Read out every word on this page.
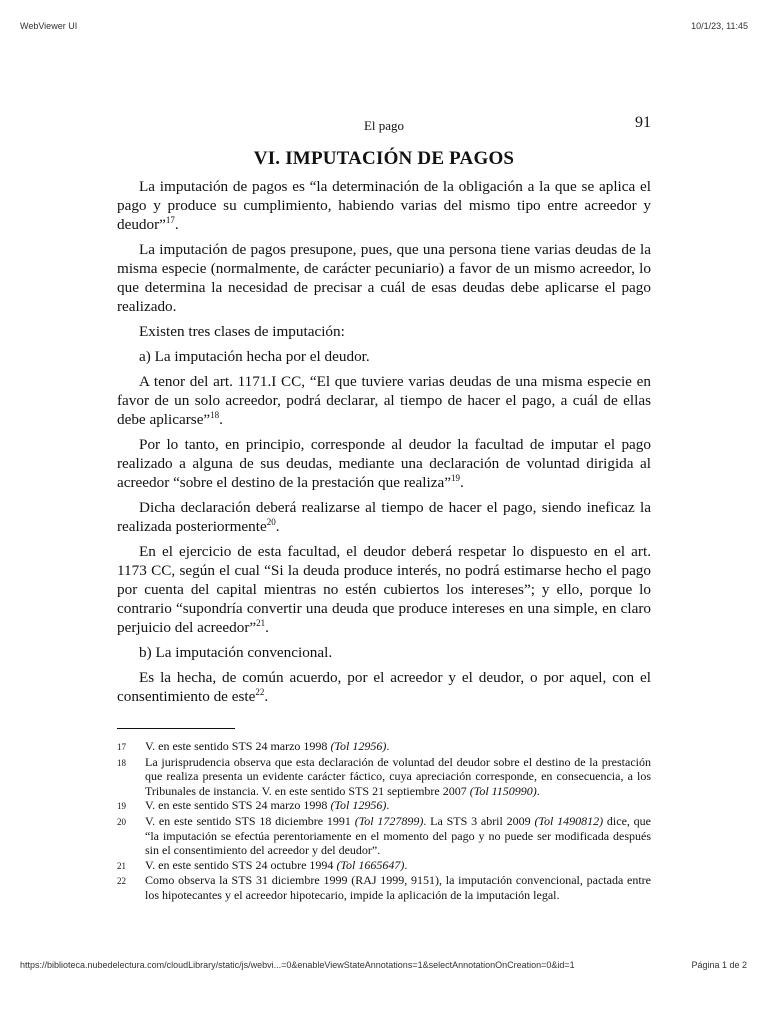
WebViewer UI	10/1/23, 11:45
El pago	91
VI. IMPUTACIÓN DE PAGOS

La imputación de pagos es “la determinación de la obligación a la que se aplica el pago y produce su cumplimiento, habiendo varias del mismo tipo entre acreedor y deudor”$^{17}$.

La imputación de pagos presupone, pues, que una persona tiene varias deudas de la misma especie (normalmente, de carácter pecuniario) a favor de un mismo acreedor, lo que determina la necesidad de precisar a cuál de esas deudas debe aplicarse el pago realizado.

Existen tres clases de imputación:

a) La imputación hecha por el deudor.

A tenor del art. 1171.I CC, “El que tuviere varias deudas de una misma especie en favor de un solo acreedor, podrá declarar, al tiempo de hacer el pago, a cuál de ellas debe aplicarse”$^{18}$.

Por lo tanto, en principio, corresponde al deudor la facultad de imputar el pago realizado a alguna de sus deudas, mediante una declaración de voluntad dirigida al acreedor “sobre el destino de la prestación que realiza”$^{19}$.

Dicha declaración deberá realizarse al tiempo de hacer el pago, siendo ineficaz la realizada posteriormente$^{20}$.

En el ejercicio de esta facultad, el deudor deberá respetar lo dispuesto en el art. 1173 CC, según el cual “Si la deuda produce interés, no podrá estimarse hecho el pago por cuenta del capital mientras no estén cubiertos los intereses”; y ello, porque lo contrario “supondría convertir una deuda que produce intereses en una simple, en claro perjuicio del acreedor”$^{21}$.

b) La imputación convencional.

Es la hecha, de común acuerdo, por el acreedor y el deudor, o por aquel, con el consentimiento de este$^{22}$.

17	V. en este sentido STS 24 marzo 1998 (Tol 12956).
18	La jurisprudencia observa que esta declaración de voluntad del deudor sobre el destino de la prestación que realiza presenta un evidente carácter fáctico, cuya apreciación corresponde, en consecuencia, a los Tribunales de instancia. V. en este sentido STS 21 septiembre 2007 (Tol 1150990).
19	V. en este sentido STS 24 marzo 1998 (Tol 12956).
20	V. en este sentido STS 18 diciembre 1991 (Tol 1727899). La STS 3 abril 2009 (Tol 1490812) dice, que “la imputación se efectúa perentoriamente en el momento del pago y no puede ser modificada después sin el consentimiento del acreedor y del deudor”.
21	V. en este sentido STS 24 octubre 1994 (Tol 1665647).
22	Como observa la STS 31 diciembre 1999 (RAJ 1999, 9151), la imputación convencional, pactada entre los hipotecantes y el acreedor hipotecario, impide la aplicación de la imputación legal.
https://biblioteca.nubedelectura.com/cloudLibrary/static/js/webvi...=0&enableViewStateAnnotations=1&selectAnnotationOnCreation=0&id=1	Página 1 de 2
